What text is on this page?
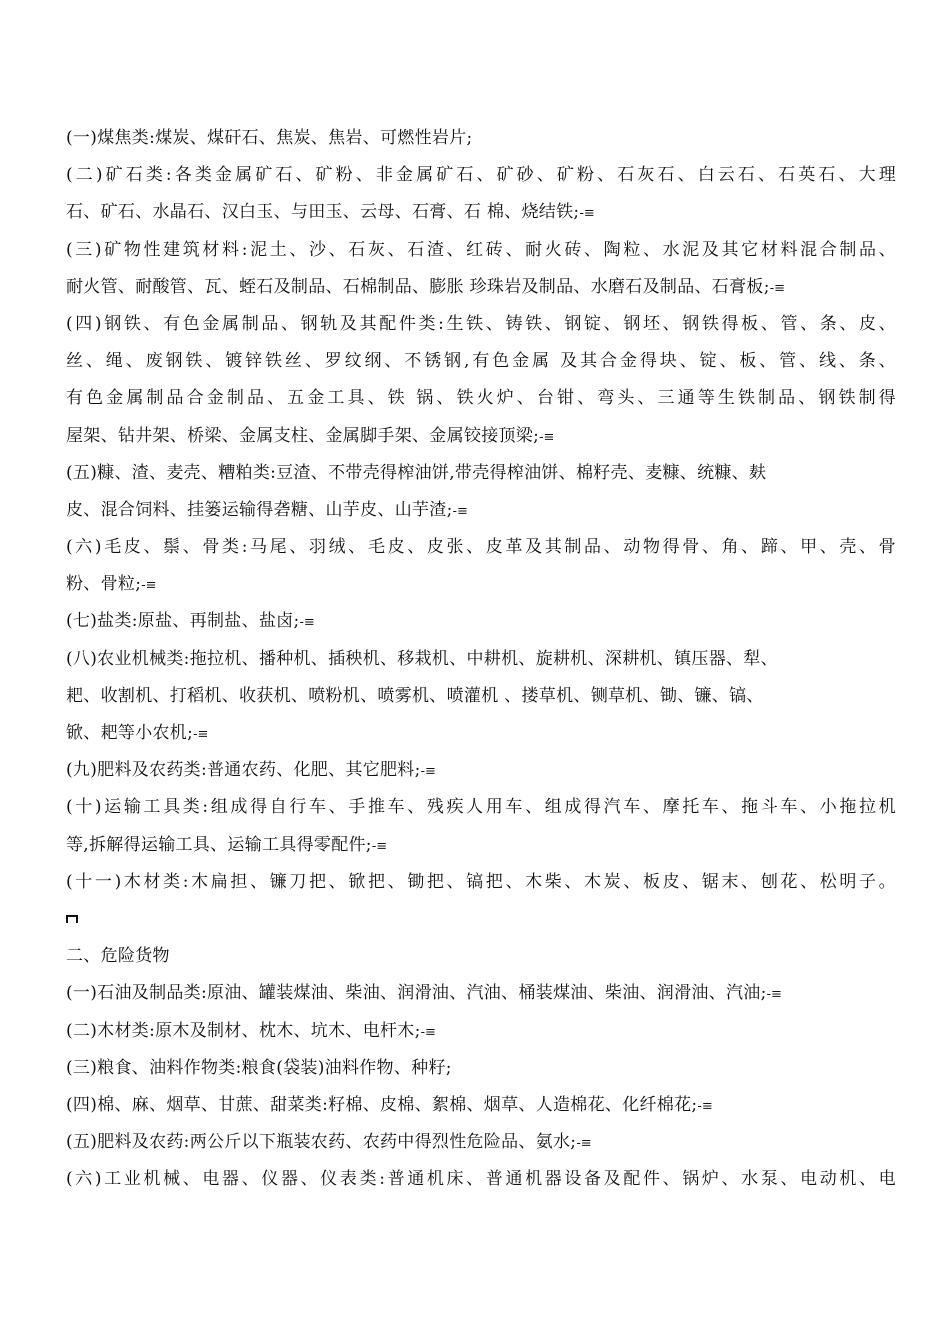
(一)煤焦类:煤炭、煤矸石、焦炭、焦岩、可燃性岩片;
(二)矿石类:各类金属矿石、矿粉、非金属矿石、矿砂、矿粉、石灰石、白云石、石英石、大理
石、矿石、水晶石、汉白玉、与田玉、云母、石膏、石 棉、烧结铁;-≡
(三)矿物性建筑材料:泥土、沙、石灰、石渣、红砖、耐火砖、陶粒、水泥及其它材料混合制品、
耐火管、耐酸管、瓦、蛭石及制品、石棉制品、膨胀 珍珠岩及制品、水磨石及制品、石膏板;-≡
(四)钢铁、有色金属制品、钢轨及其配件类:生铁、铸铁、钢锭、钢坯、钢铁得板、管、条、皮、
丝、绳、废钢铁、镀锌铁丝、罗纹纲、不锈钢,有色金属 及其合金得块、锭、板、管、线、条、
有色金属制品合金制品、五金工具、铁 锅、铁火炉、台钳、弯头、三通等生铁制品、钢铁制得
屋架、钻井架、桥梁、金属支柱、金属脚手架、金属铰接顶梁;-≡
(五)糠、渣、麦壳、糟粕类:豆渣、不带壳得榨油饼,带壳得榨油饼、棉籽壳、麦糠、统糠、麸
皮、混合饲料、挂篓运输得砻糖、山芋皮、山芋渣;-≡
(六)毛皮、鬃、骨类:马尾、羽绒、毛皮、皮张、皮革及其制品、动物得骨、角、蹄、甲、壳、骨
粉、骨粒;-≡
(七)盐类:原盐、再制盐、盐卤;-≡
(八)农业机械类:拖拉机、播种机、插秧机、移栽机、中耕机、旋耕机、深耕机、镇压器、犁、
耙、收割机、打稻机、收获机、喷粉机、喷雾机、喷灌机 、搂草机、铡草机、锄、镰、镐、
锨、耙等小农机;-≡
(九)肥料及农药类:普通农药、化肥、其它肥料;-≡
(十)运输工具类:组成得自行车、手推车、残疾人用车、组成得汽车、摩托车、拖斗车、小拖拉机
等,拆解得运输工具、运输工具得零配件;-≡
(十一)木材类:木扁担、镰刀把、锨把、锄把、镐把、木柴、木炭、板皮、锯末、刨花、松明子。
二、危险货物
(一)石油及制品类:原油、罐装煤油、柴油、润滑油、汽油、桶装煤油、柴油、润滑油、汽油;-≡
(二)木材类:原木及制材、枕木、坑木、电杆木;-≡
(三)粮食、油料作物类:粮食(袋装)油料作物、种籽;
(四)棉、麻、烟草、甘蔗、甜菜类:籽棉、皮棉、絮棉、烟草、人造棉花、化纤棉花;-≡
(五)肥料及农药:两公斤以下瓶装农药、农药中得烈性危险品、氨水;-≡
(六)工业机械、电器、仪器、仪表类:普通机床、普通机器设备及配件、锅炉、水泵、电动机、电
